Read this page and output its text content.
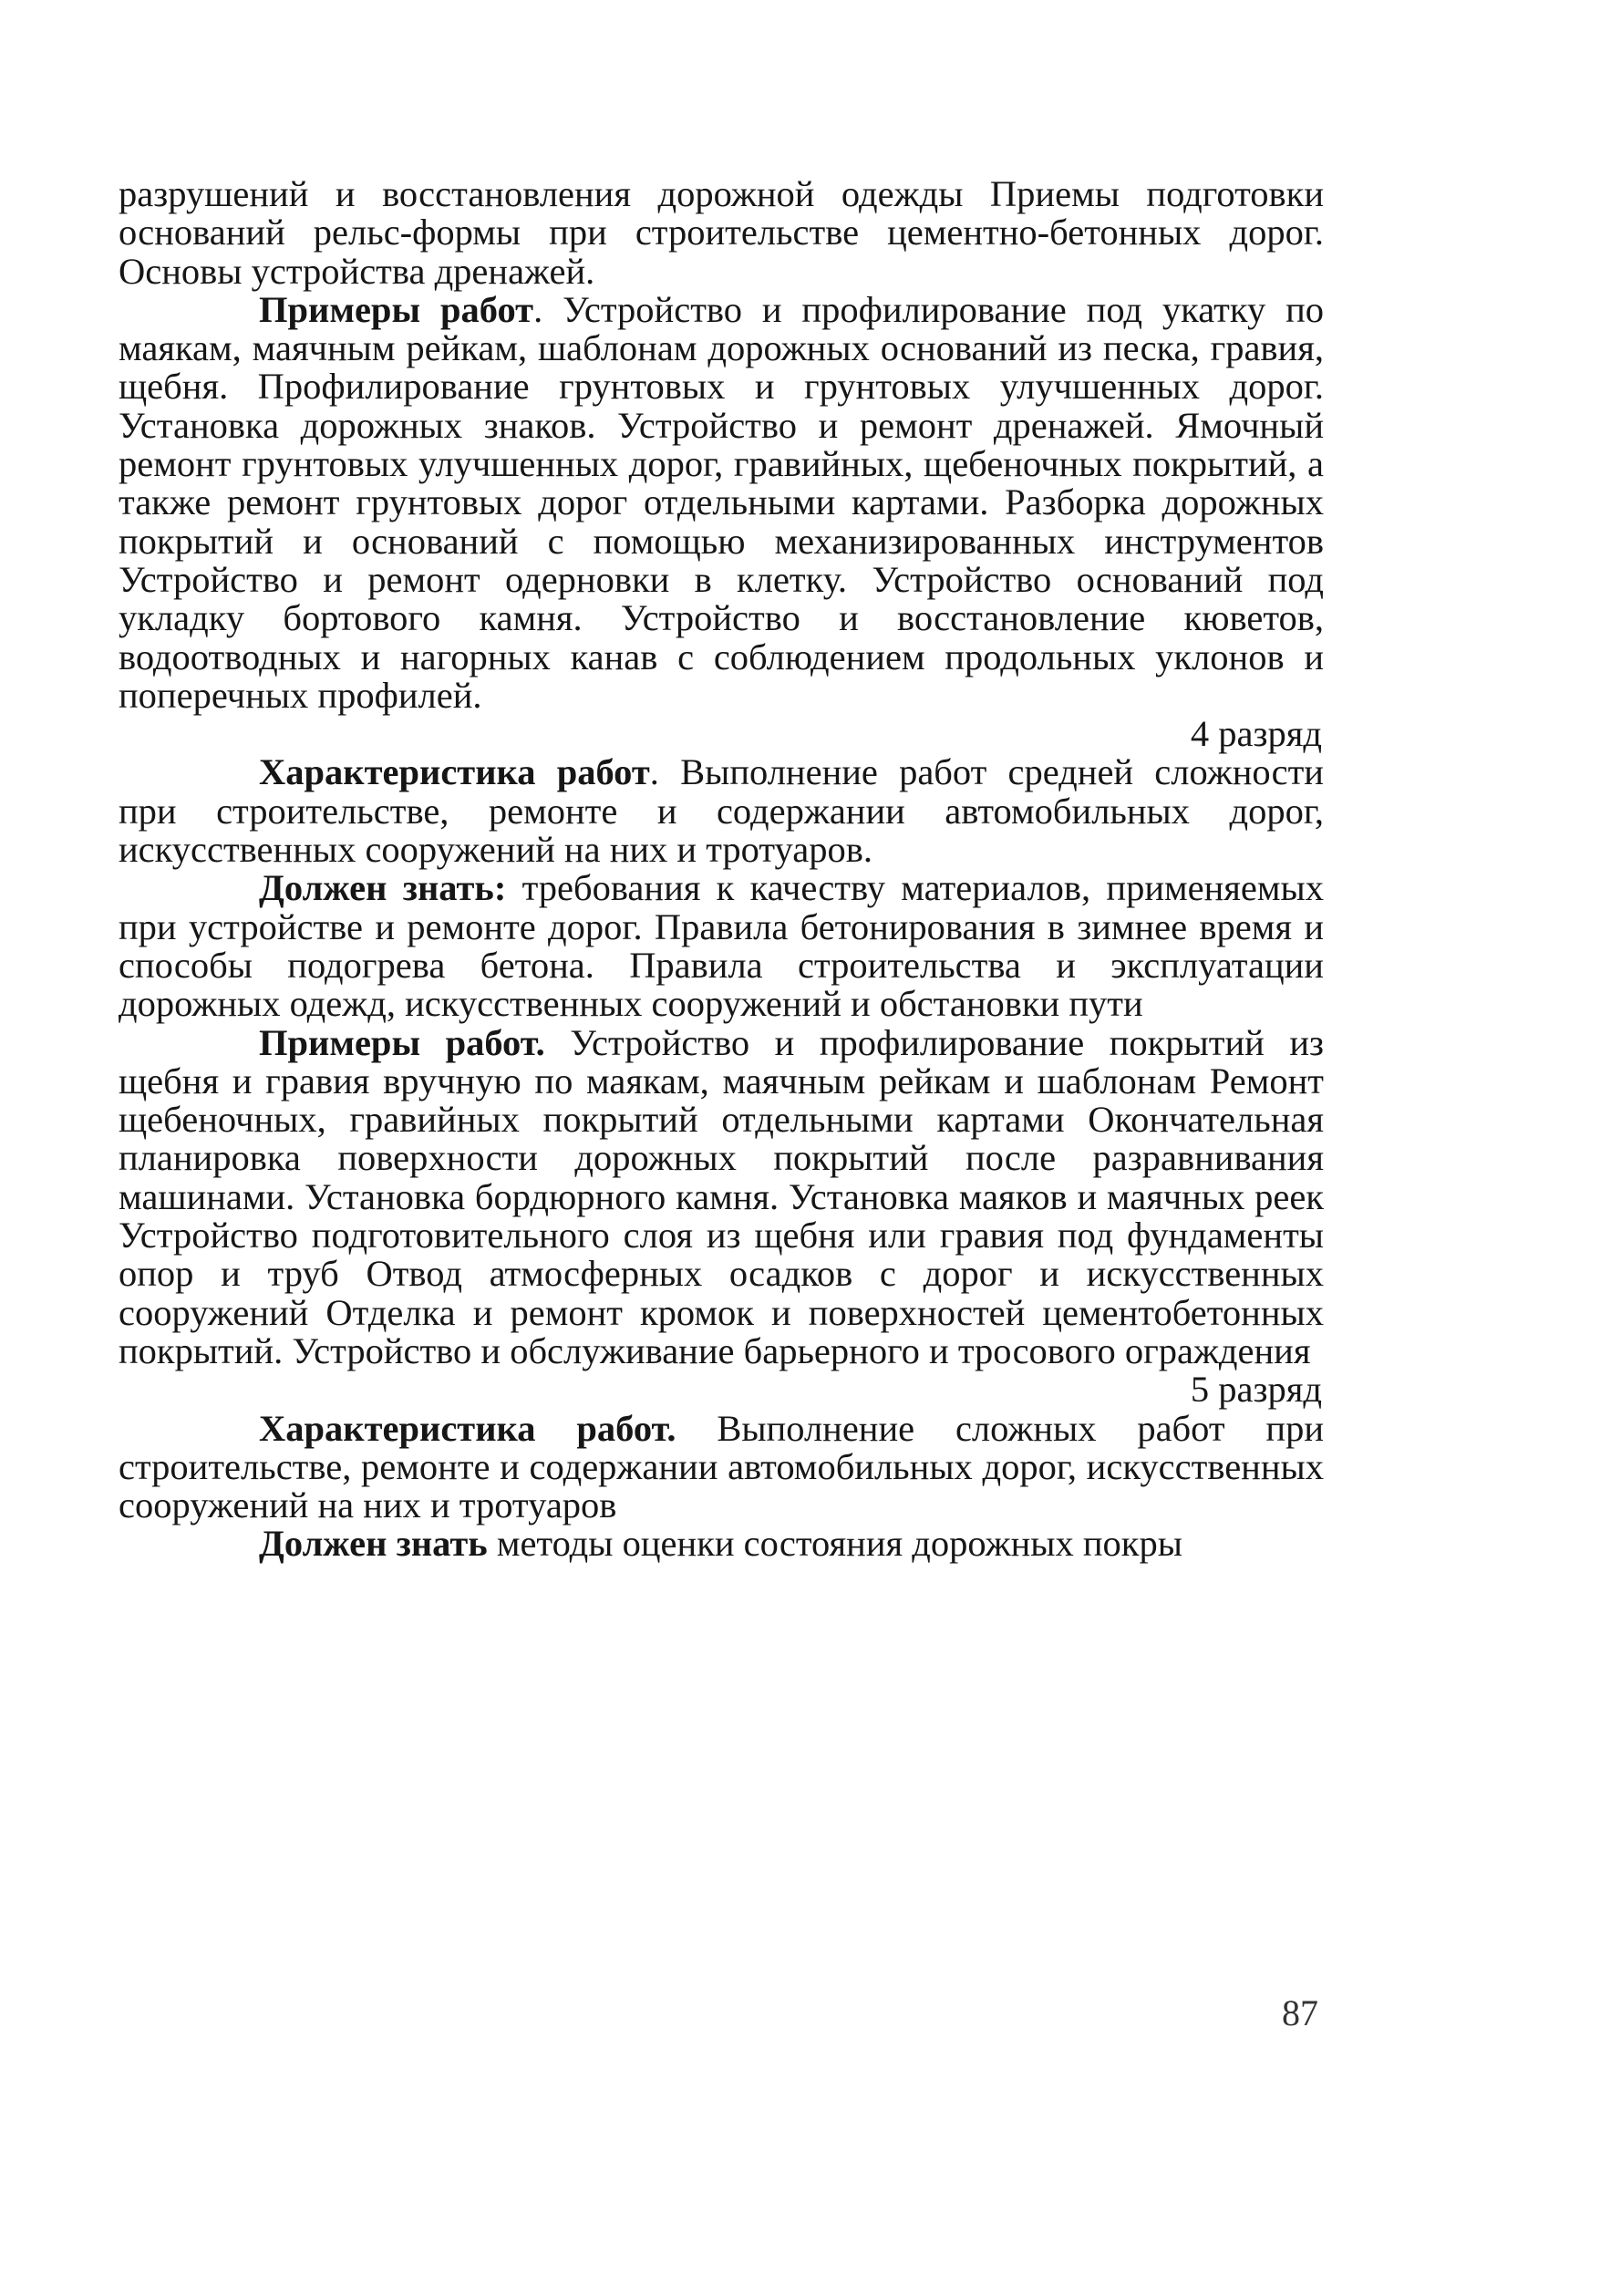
разрушений и восстановления дорожной одежды Приемы подготовки оснований рельс-формы при строительстве цементно-бетонных дорог. Основы устройства дренажей.

Примеры работ. Устройство и профилирование под укатку по маякам, маячным рейкам, шаблонам дорожных оснований из песка, гравия, щебня. Профилирование грунтовых и грунтовых улучшенных дорог. Установка дорожных знаков. Устройство и ремонт дренажей. Ямочный ремонт грунтовых улучшенных дорог, гравийных, щебеночных покрытий, а также ремонт грунтовых дорог отдельными картами. Разборка дорожных покрытий и оснований с помощью механизированных инструментов Устройство и ремонт одерновки в клетку. Устройство оснований под укладку бортового камня. Устройство и восстановление кюветов, водоотводных и нагорных канав с соблюдением продольных уклонов и поперечных профилей.

4 разряд

Характеристика работ. Выполнение работ средней сложности при строительстве, ремонте и содержании автомобильных дорог, искусственных сооружений на них и тротуаров.

Должен знать: требования к качеству материалов, применяемых при устройстве и ремонте дорог. Правила бетонирования в зимнее время и способы подогрева бетона. Правила строительства и эксплуатации дорожных одежд, искусственных сооружений и обстановки пути

Примеры работ. Устройство и профилирование покрытий из щебня и гравия вручную по маякам, маячным рейкам и шаблонам Ремонт щебеночных, гравийных покрытий отдельными картами Окончательная планировка поверхности дорожных покрытий после разравнивания машинами. Установка бордюрного камня. Установка маяков и маячных реек Устройство подготовительного слоя из щебня или гравия под фундаменты опор и труб Отвод атмосферных осадков с дорог и искусственных сооружений Отделка и ремонт кромок и поверхностей цементобетонных покрытий. Устройство и обслуживание барьерного и тросового ограждения

5 разряд

Характеристика работ. Выполнение сложных работ при строительстве, ремонте и содержании автомобильных дорог, искусственных сооружений на них и тротуаров

Должен знать методы оценки состояния дорожных покры

87
